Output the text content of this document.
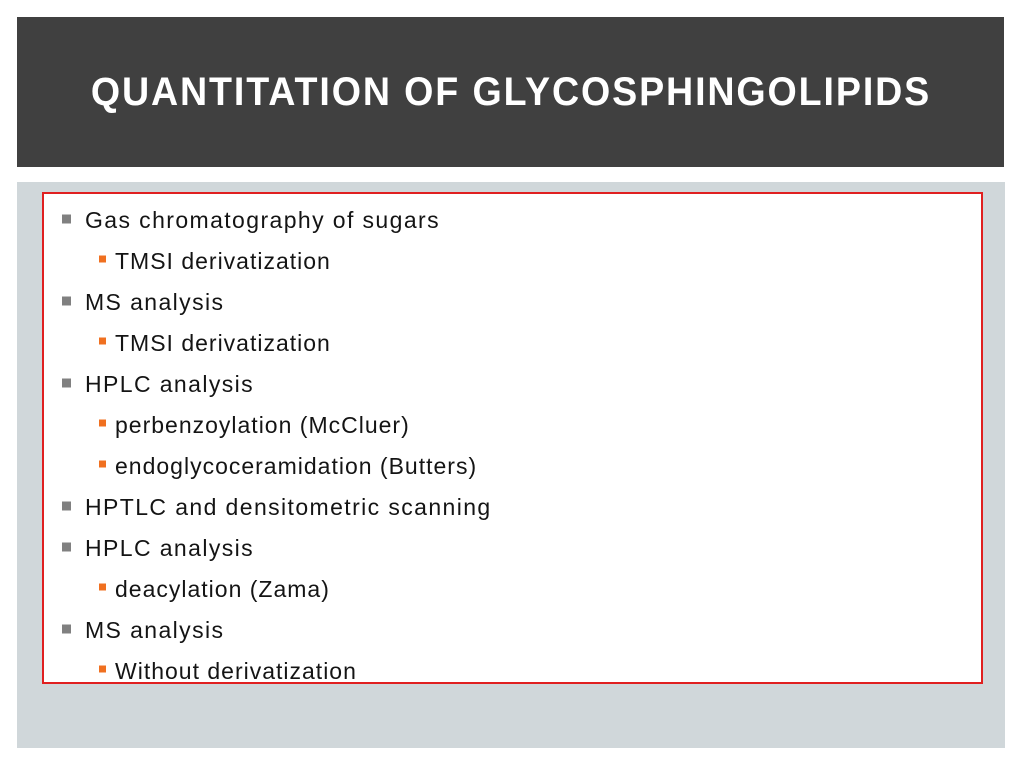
QUANTITATION OF GLYCOSPHINGOLIPIDS
Gas chromatography of sugars
TMSI derivatization
MS analysis
TMSI derivatization
HPLC analysis
perbenzoylation (McCluer)
endoglycoceramidation (Butters)
HPTLC and densitometric scanning
HPLC analysis
deacylation (Zama)
MS analysis
Without derivatization
